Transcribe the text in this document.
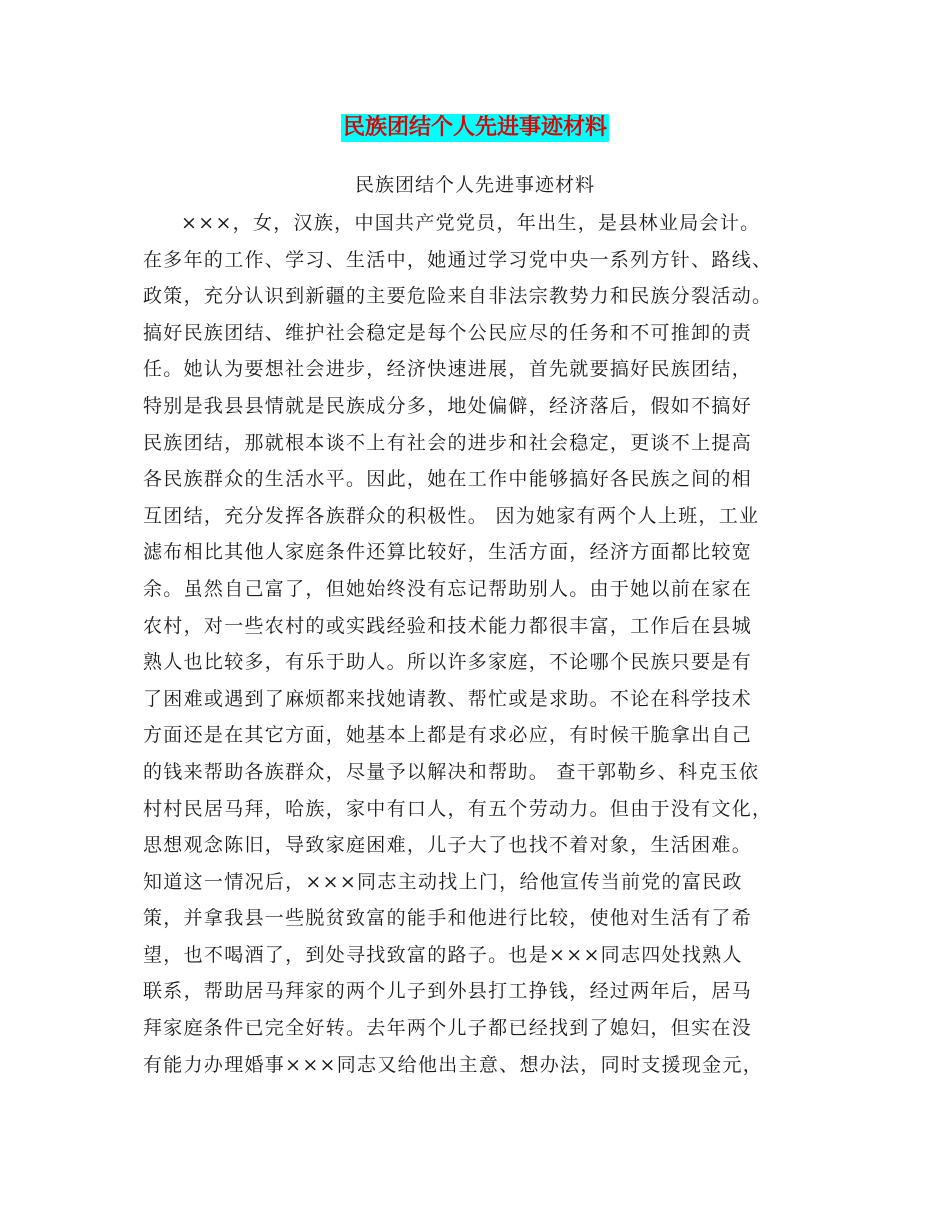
民族团结个人先进事迹材料
民族团结个人先进事迹材料
×××，女，汉族，中国共产党党员，年出生，是县林业局会计。
在多年的工作、学习、生活中，她通过学习党中央一系列方针、路线、
政策，充分认识到新疆的主要危险来自非法宗教势力和民族分裂活动。
搞好民族团结、维护社会稳定是每个公民应尽的任务和不可推卸的责
任。她认为要想社会进步，经济快速进展，首先就要搞好民族团结，
特别是我县县情就是民族成分多，地处偏僻，经济落后，假如不搞好
民族团结，那就根本谈不上有社会的进步和社会稳定，更谈不上提高
各民族群众的生活水平。因此，她在工作中能够搞好各民族之间的相
互团结，充分发挥各族群众的积极性。 因为她家有两个人上班，工业
滤布相比其他人家庭条件还算比较好，生活方面，经济方面都比较宽
余。虽然自己富了，但她始终没有忘记帮助别人。由于她以前在家在
农村，对一些农村的或实践经验和技术能力都很丰富，工作后在县城
熟人也比较多，有乐于助人。所以许多家庭，不论哪个民族只要是有
了困难或遇到了麻烦都来找她请教、帮忙或是求助。不论在科学技术
方面还是在其它方面，她基本上都是有求必应，有时候干脆拿出自己
的钱来帮助各族群众，尽量予以解决和帮助。 查干郭勒乡、科克玉依
村村民居马拜，哈族，家中有口人，有五个劳动力。但由于没有文化，
思想观念陈旧，导致家庭困难，儿子大了也找不着对象，生活困难。
知道这一情况后，×××同志主动找上门，给他宣传当前党的富民政
策，并拿我县一些脱贫致富的能手和他进行比较，使他对生活有了希
望，也不喝酒了，到处寻找致富的路子。也是×××同志四处找熟人
联系，帮助居马拜家的两个儿子到外县打工挣钱，经过两年后，居马
拜家庭条件已完全好转。去年两个儿子都已经找到了媳妇，但实在没
有能力办理婚事×××同志又给他出主意、想办法，同时支援现金元，
